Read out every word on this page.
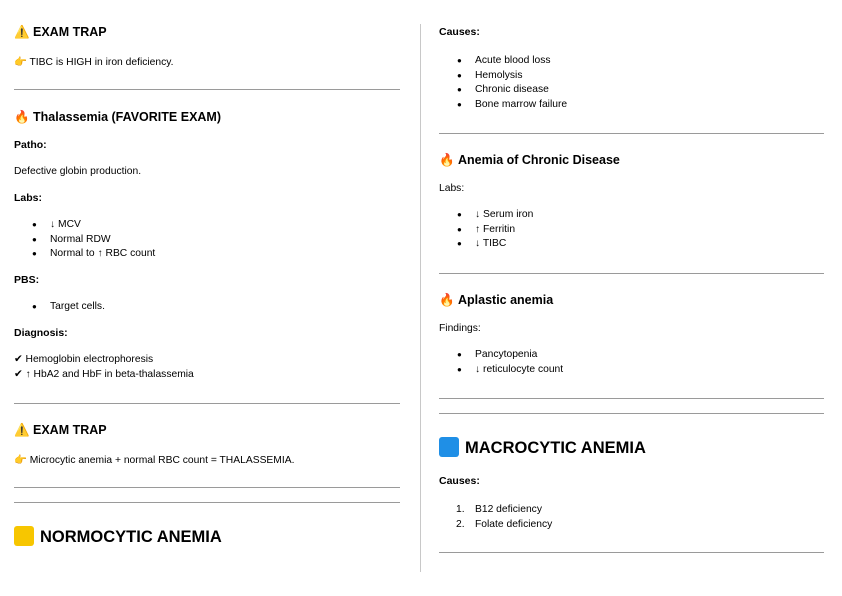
⚠️ EXAM TRAP
👉 TIBC is HIGH in iron deficiency.
🔥 Thalassemia (FAVORITE EXAM)
Patho:
Defective globin production.
Labs:
● ↓ MCV
● Normal RDW
● Normal to ↑ RBC count
PBS:
● Target cells.
Diagnosis:
✔ Hemoglobin electrophoresis
✔ ↑ HbA2 and HbF in beta-thalassemia
⚠️ EXAM TRAP
👉 Microcytic anemia + normal RBC count = THALASSEMIA.
NORMOCYTIC ANEMIA
Causes:
● Acute blood loss
● Hemolysis
● Chronic disease
● Bone marrow failure
🔥 Anemia of Chronic Disease
Labs:
● ↓ Serum iron
● ↑ Ferritin
● ↓ TIBC
🔥 Aplastic anemia
Findings:
● Pancytopenia
● ↓ reticulocyte count
MACROCYTIC ANEMIA
Causes:
1. B12 deficiency
2. Folate deficiency
